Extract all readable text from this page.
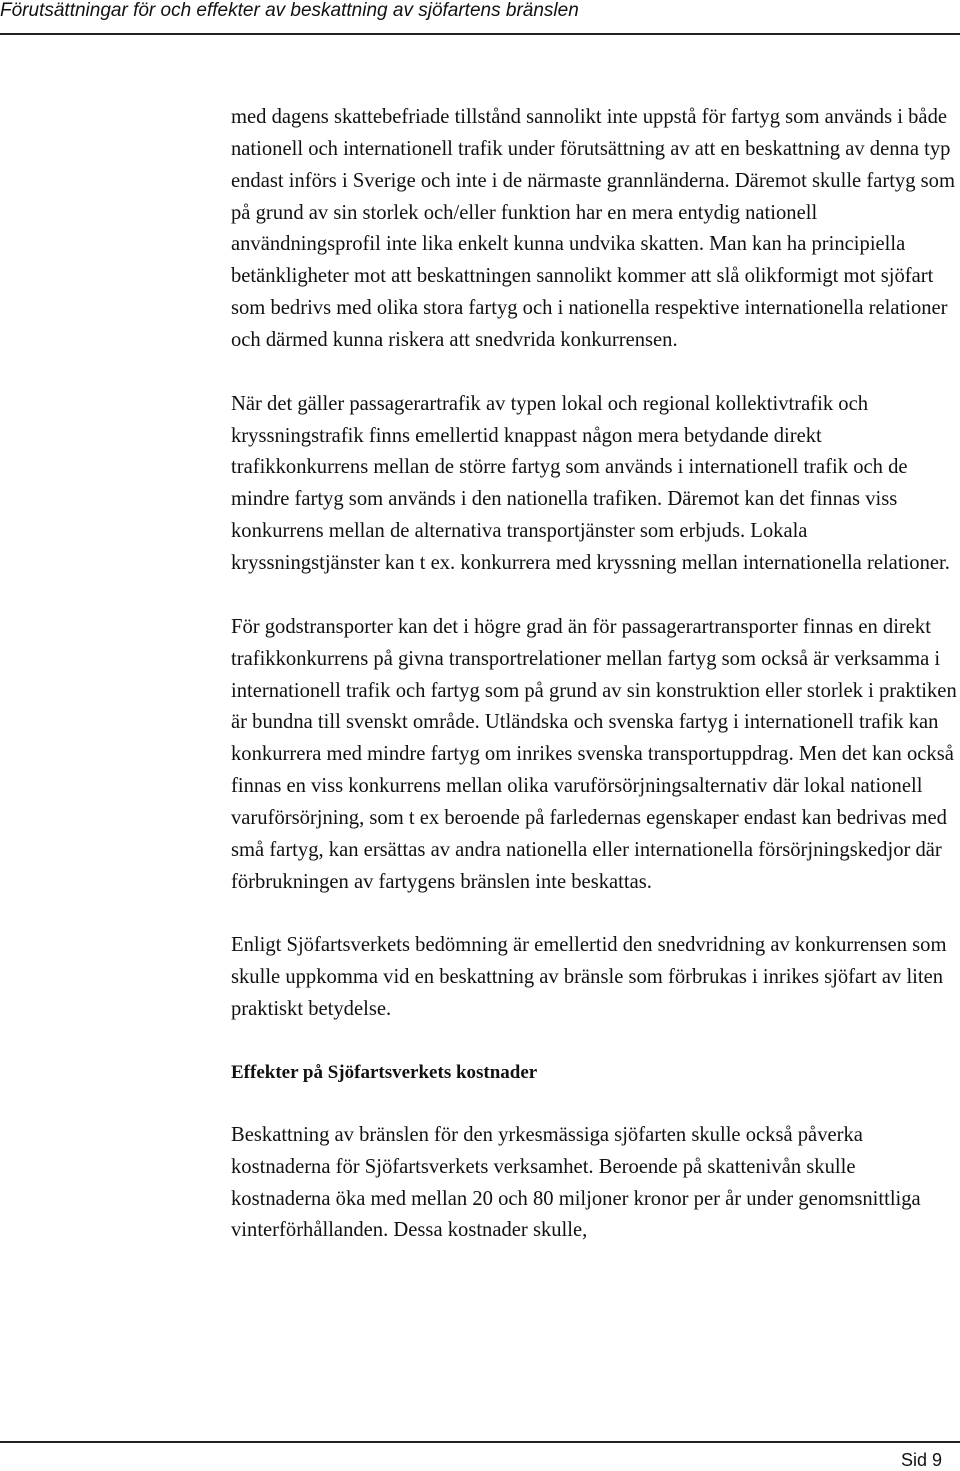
Förutsättningar för och effekter av beskattning av sjöfartens bränslen

med dagens skattebefriade tillstånd sannolikt inte uppstå för fartyg som används i både nationell och internationell trafik under förutsättning av att en beskattning av denna typ endast införs i Sverige och inte i de närmaste grannländerna. Däremot skulle fartyg som på grund av sin storlek och/eller funktion har en mera entydig nationell användningsprofil inte lika enkelt kunna undvika skatten. Man kan ha principiella betänkligheter mot att beskattningen sannolikt kommer att slå olikformigt mot sjöfart som bedrivs med olika stora fartyg och i nationella respektive internationella relationer och därmed kunna riskera att snedvrida konkurrensen.

När det gäller passagerartrafik av typen lokal och regional kollektivtrafik och kryssningstrafik finns emellertid knappast någon mera betydande direkt trafikkonkurrens mellan de större fartyg som används i internationell trafik och de mindre fartyg som används i den nationella trafiken. Däremot kan det finnas viss konkurrens mellan de alternativa transportjänster som erbjuds. Lokala kryssningstjänster kan t ex. konkurrera med kryssning mellan internationella relationer.

För godstransporter kan det i högre grad än för passagerartransporter finnas en direkt trafikkonkurrens på givna transportrelationer mellan fartyg som också är verksamma i internationell trafik och fartyg som på grund av sin konstruktion eller storlek i praktiken är bundna till svenskt område. Utländska och svenska fartyg i internationell trafik kan konkurrera med mindre fartyg om inrikes svenska transportuppdrag. Men det kan också finnas en viss konkurrens mellan olika varuförsörjningsalternativ där lokal nationell varuförsörjning, som t ex beroende på farledernas egenskaper endast kan bedrivas med små fartyg, kan ersättas av andra nationella eller internationella försörjningskedjor där förbrukningen av fartygens bränslen inte beskattas.

Enligt Sjöfartsverkets bedömning är emellertid den snedvridning av konkurrensen som skulle uppkomma vid en beskattning av bränsle som förbrukas i inrikes sjöfart av liten praktiskt betydelse.

Effekter på Sjöfartsverkets kostnader

Beskattning av bränslen för den yrkesmässiga sjöfarten skulle också påverka kostnaderna för Sjöfartsverkets verksamhet. Beroende på skattenivån skulle kostnaderna öka med mellan 20 och 80 miljoner kronor per år under genomsnittliga vinterförhållanden. Dessa kostnader skulle,

Sid 9
